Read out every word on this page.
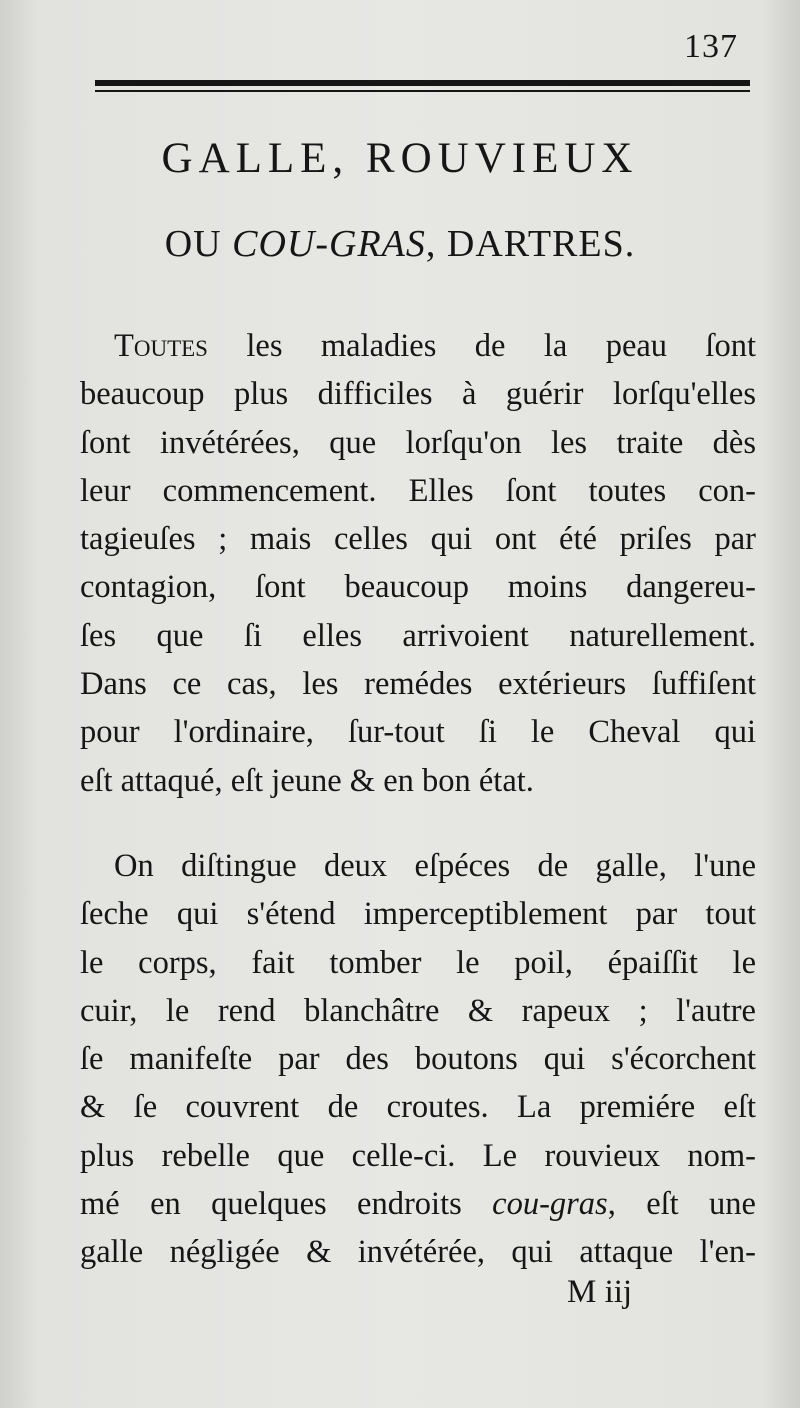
137
GALLE, ROUVIEUX
OU COU-GRAS, DARTRES.
Toutes les maladies de la peau ſont
beaucoup plus difficiles à guérir lorſqu'elles
ſont invétérées, que lorſqu'on les traite dès
leur commencement. Elles ſont toutes con-
tagieuſes ; mais celles qui ont été priſes par
contagion, ſont beaucoup moins dangereu-
ſes que ſi elles arrivoient naturellement.
Dans ce cas, les remédes extérieurs ſuffiſent
pour l'ordinaire, ſur-tout ſi le Cheval qui
eſt attaqué, eſt jeune & en bon état.
On diſtingue deux eſpéces de galle, l'une
ſeche qui s'étend imperceptiblement par tout
le corps, fait tomber le poil, épaiſſit le
cuir, le rend blanchâtre & rapeux ; l'autre
ſe manifeſte par des boutons qui s'écorchent
& ſe couvrent de croutes. La premiére eſt
plus rebelle que celle-ci. Le rouvieux nom-
mé en quelques endroits cou-gras, eſt une
galle négligée & invétérée, qui attaque l'en-
M iij
